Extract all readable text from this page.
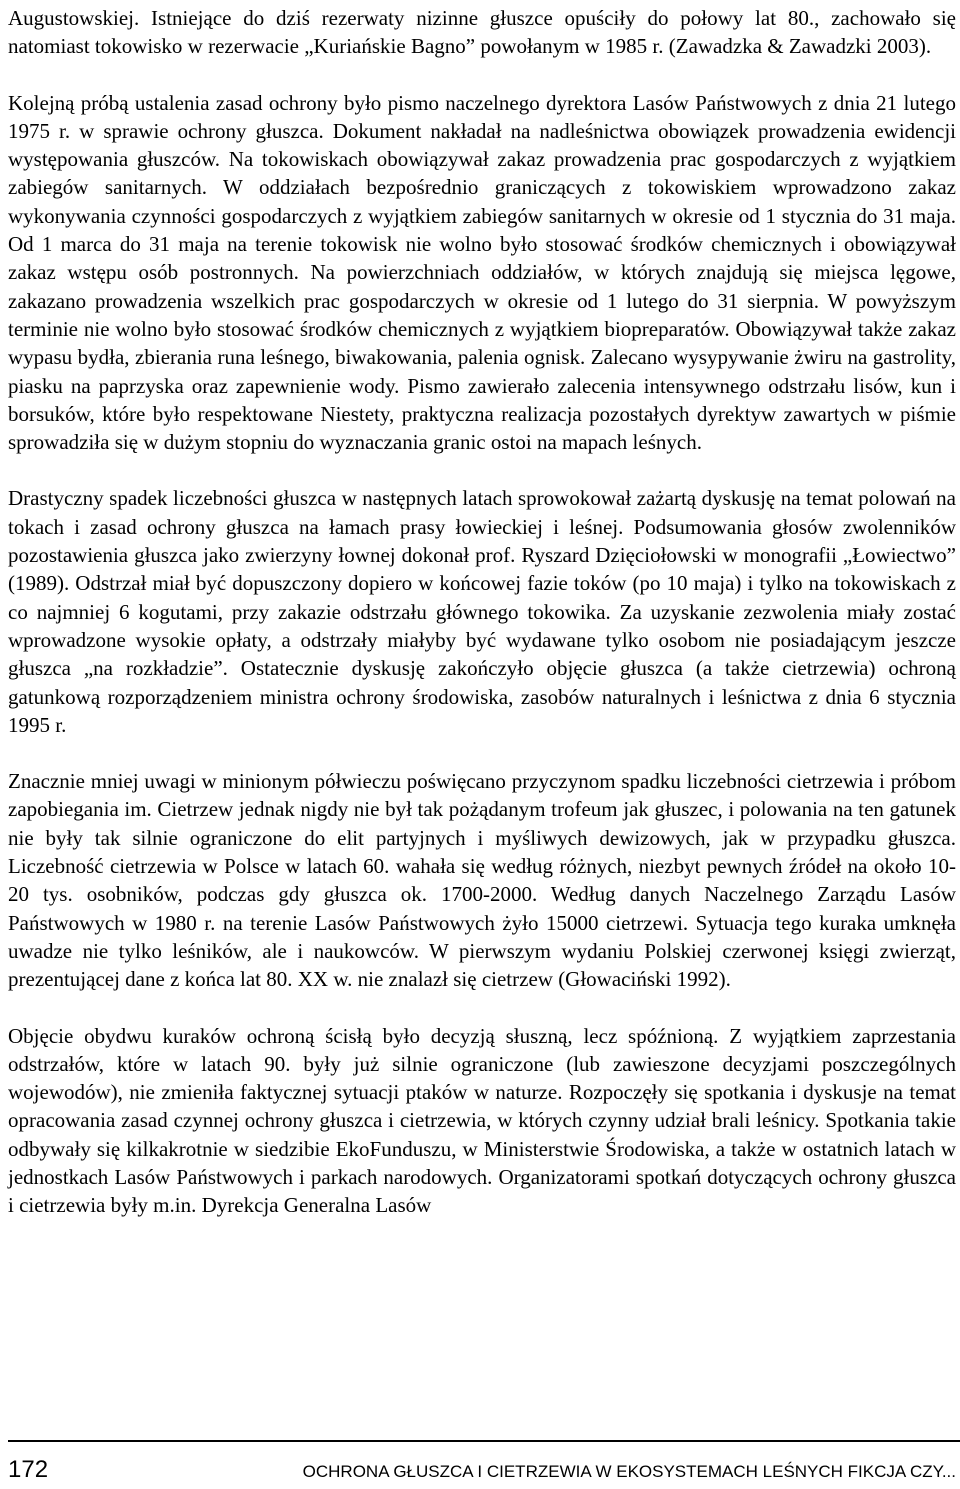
Augustowskiej. Istniejące do dziś rezerwaty nizinne głuszce opuściły do połowy lat 80., zachowało się natomiast tokowisko w rezerwacie „Kuriańskie Bagno” powołanym w 1985 r. (Zawadzka & Zawadzki 2003).

Kolejną próbą ustalenia zasad ochrony było pismo naczelnego dyrektora Lasów Państwowych z dnia 21 lutego 1975 r. w sprawie ochrony głuszca. Dokument nakładał na nadleśnictwa obowiązek prowadzenia ewidencji występowania głuszców. Na tokowiskach obowiązywał zakaz prowadzenia prac gospodarczych z wyjątkiem zabiegów sanitarnych. W oddziałach bezpośrednio graniczących z tokowiskiem wprowadzono zakaz wykonywania czynności gospodarczych z wyjątkiem zabiegów sanitarnych w okresie od 1 stycznia do 31 maja. Od 1 marca do 31 maja na terenie tokowisk nie wolno było stosować środków chemicznych i obowiązywał zakaz wstępu osób postronnych. Na powierzchniach oddziałów, w których znajdują się miejsca lęgowe, zakazano prowadzenia wszelkich prac gospodarczych w okresie od 1 lutego do 31 sierpnia. W powyższym terminie nie wolno było stosować środków chemicznych z wyjątkiem biopreparatów. Obowiązywał także zakaz wypasu bydła, zbierania runa leśnego, biwakowania, palenia ognisk. Zalecano wysypywanie żwiru na gastrolity, piasku na paprzyska oraz zapewnienie wody. Pismo zawierało zalecenia intensywnego odstrzału lisów, kun i borsuków, które było respektowane Niestety, praktyczna realizacja pozostałych dyrektyw zawartych w piśmie sprowadziła się w dużym stopniu do wyznaczania granic ostoi na mapach leśnych.

Drastyczny spadek liczebności głuszca w następnych latach sprowokował zażartą dyskusję na temat polowań na tokach i zasad ochrony głuszca na łamach prasy łowieckiej i leśnej. Podsumowania głosów zwolenników pozostawienia głuszca jako zwierzyny łownej dokonał prof. Ryszard Dzięciołowski w monografii „Łowiectwo” (1989). Odstrzał miał być dopuszczony dopiero w końcowej fazie toków (po 10 maja) i tylko na tokowiskach z co najmniej 6 kogutami, przy zakazie odstrzału głównego tokowika. Za uzyskanie zezwolenia miały zostać wprowadzone wysokie opłaty, a odstrzały miałyby być wydawane tylko osobom nie posiadającym jeszcze głuszca „na rozkładzie”. Ostatecznie dyskusję zakończyło objęcie głuszca (a także cietrzewia) ochroną gatunkową rozporządzeniem ministra ochrony środowiska, zasobów naturalnych i leśnictwa z dnia 6 stycznia 1995 r.

Znacznie mniej uwagi w minionym półwieczu poświęcano przyczynom spadku liczebności cietrzewia i próbom zapobiegania im. Cietrzew jednak nigdy nie był tak pożądanym trofeum jak głuszec, i polowania na ten gatunek nie były tak silnie ograniczone do elit partyjnych i myśliwych dewizowych, jak w przypadku głuszca. Liczebność cietrzewia w Polsce w latach 60. wahała się według różnych, niezbyt pewnych źródeł na około 10-20 tys. osobników, podczas gdy głuszca ok. 1700-2000. Według danych Naczelnego Zarządu Lasów Państwowych w 1980 r. na terenie Lasów Państwowych żyło 15000 cietrzewi. Sytuacja tego kuraka umknęła uwadze nie tylko leśników, ale i naukowców. W pierwszym wydaniu Polskiej czerwonej księgi zwierząt, prezentującej dane z końca lat 80. XX w. nie znalazł się cietrzew (Głowaciński 1992).

Objęcie obydwu kuraków ochroną ścisłą było decyzją słuszną, lecz spóźnioną. Z wyjątkiem zaprzestania odstrzałów, które w latach 90. były już silnie ograniczone (lub zawieszone decyzjami poszczególnych wojewodów), nie zmieniła faktycznej sytuacji ptaków w naturze. Rozpoczęły się spotkania i dyskusje na temat opracowania zasad czynnej ochrony głuszca i cietrzewia, w których czynny udział brali leśnicy. Spotkania takie odbywały się kilkakrotnie w siedzibie EkoFunduszu, w Ministerstwie Środowiska, a także w ostatnich latach w jednostkach Lasów Państwowych i parkach narodowych. Organizatorami spotkań dotyczących ochrony głuszca i cietrzewia były m.in. Dyrekcja Generalna Lasów

172	OCHRONA GŁUSZCA I CIETRZEWIA W EKOSYSTEMACH LEŚNYCH FIKCJA CZY...
